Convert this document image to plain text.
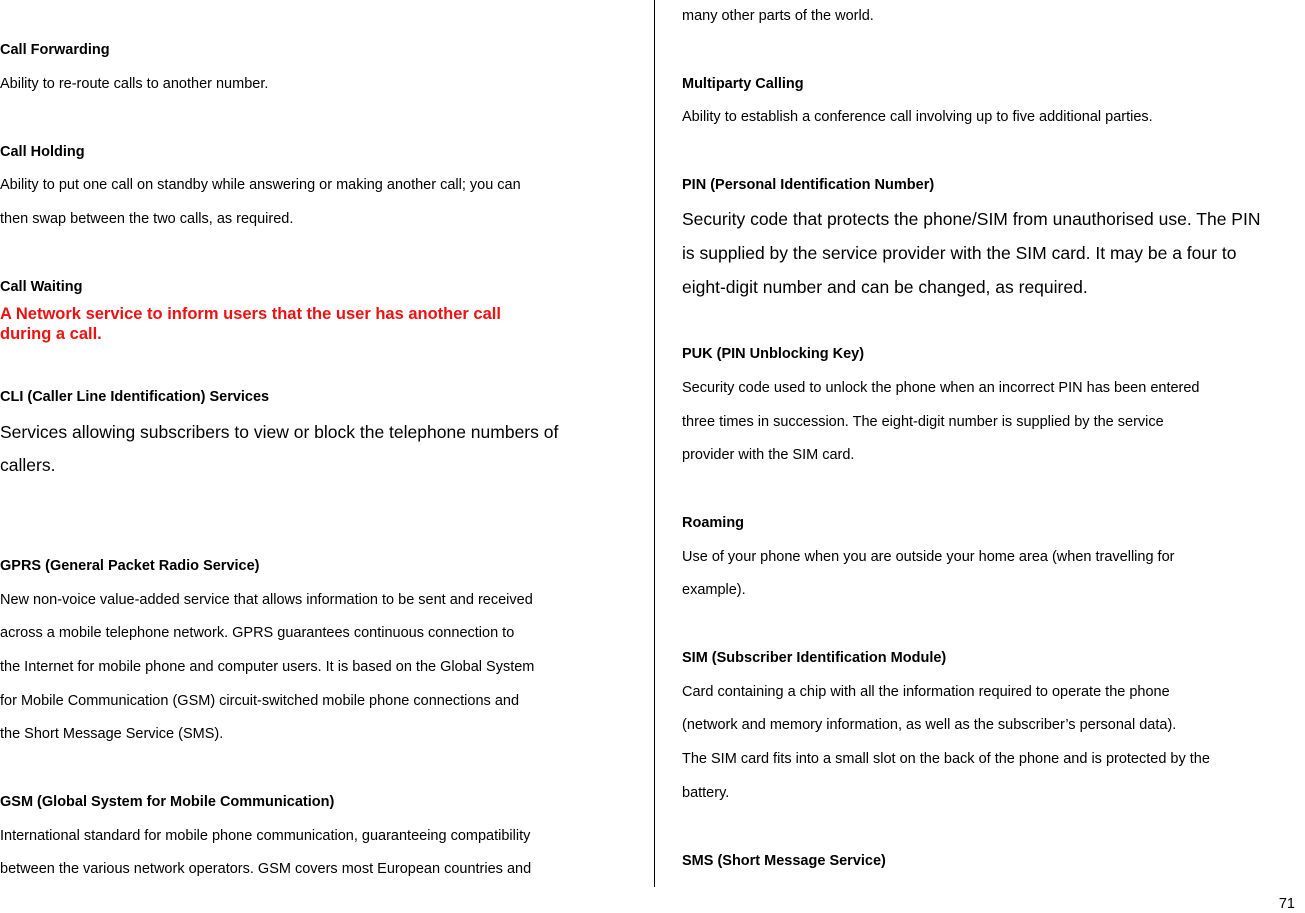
Call Forwarding
Ability to re-route calls to another number.
Call Holding
Ability to put one call on standby while answering or making another call; you can
then swap between the two calls, as required.
Call Waiting
A Network service to inform users that the user has another call
during a call.
CLI (Caller Line Identification) Services
Services allowing subscribers to view or block the telephone numbers of
callers.
GPRS (General Packet Radio Service)
New non-voice value-added service that allows information to be sent and received
across a mobile telephone network. GPRS guarantees continuous connection to
the Internet for mobile phone and computer users. It is based on the Global System
for Mobile Communication (GSM) circuit-switched mobile phone connections and
the Short Message Service (SMS).
GSM (Global System for Mobile Communication)
International standard for mobile phone communication, guaranteeing compatibility
between the various network operators. GSM covers most European countries and
many other parts of the world.
Multiparty Calling
Ability to establish a conference call involving up to five additional parties.
PIN (Personal Identification Number)
Security code that protects the phone/SIM from unauthorised use. The PIN
is supplied by the service provider with the SIM card. It may be a four to
eight-digit number and can be changed, as required.
PUK (PIN Unblocking Key)
Security code used to unlock the phone when an incorrect PIN has been entered
three times in succession. The eight-digit number is supplied by the service
provider with the SIM card.
Roaming
Use of your phone when you are outside your home area (when travelling for
example).
SIM (Subscriber Identification Module)
Card containing a chip with all the information required to operate the phone
(network and memory information, as well as the subscriber’s personal data).
The SIM card fits into a small slot on the back of the phone and is protected by the
battery.
SMS (Short Message Service)
71
